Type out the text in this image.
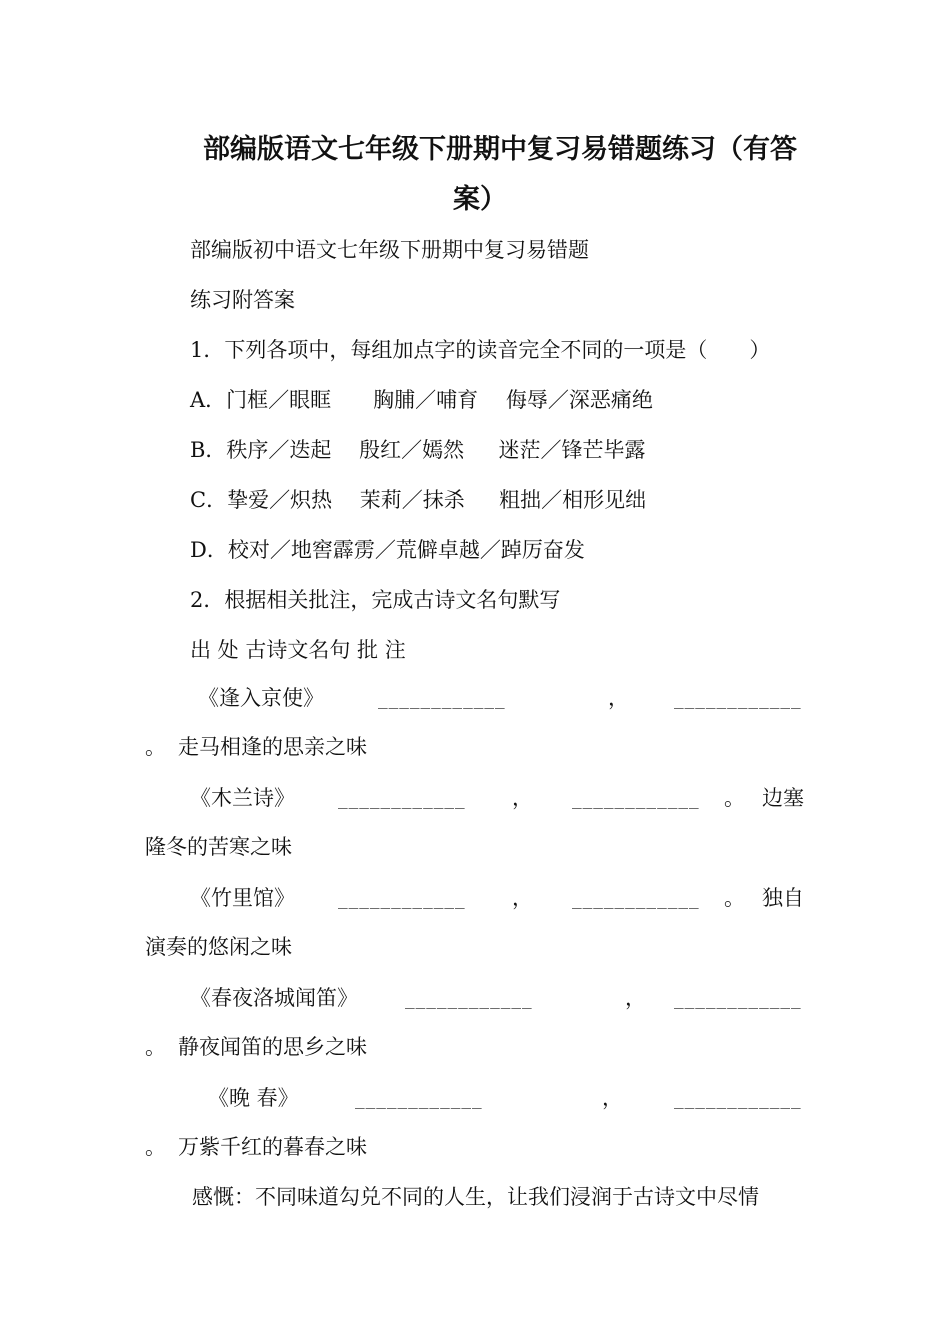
部编版语文七年级下册期中复习易错题练习（有答
案）
部编版初中语文七年级下册期中复习易错题
练习附答案
1．下列各项中，每组加点字的读音完全不同的一项是（　　）
A．门框／眼眶　　胸脯／哺育　 侮辱／深恶痛绝
B．秩序／迭起　 殷红／嫣然 　 迷茫／锋芒毕露
C．挚爱／炽热　 茉莉／抹杀 　 粗拙／相形见绌
D．校对／地窖霹雳／荒僻卓越／踔厉奋发
2．根据相关批注，完成古诗文名句默写
出 处 古诗文名句 批 注
《逢入京使》	____________	，	____________
。 走马相逢的思亲之味
《木兰诗》	____________ ， ____________ 。 边塞
隆冬的苦寒之味
《竹里馆》	____________ ， ____________ 。 独自
演奏的悠闲之味
《春夜洛城闻笛》	____________	， ____________
。 静夜闻笛的思乡之味
《晚 春》	____________	，	____________
。 万紫千红的暮春之味
感慨：不同味道勾兑不同的人生，让我们浸润于古诗文中尽情
